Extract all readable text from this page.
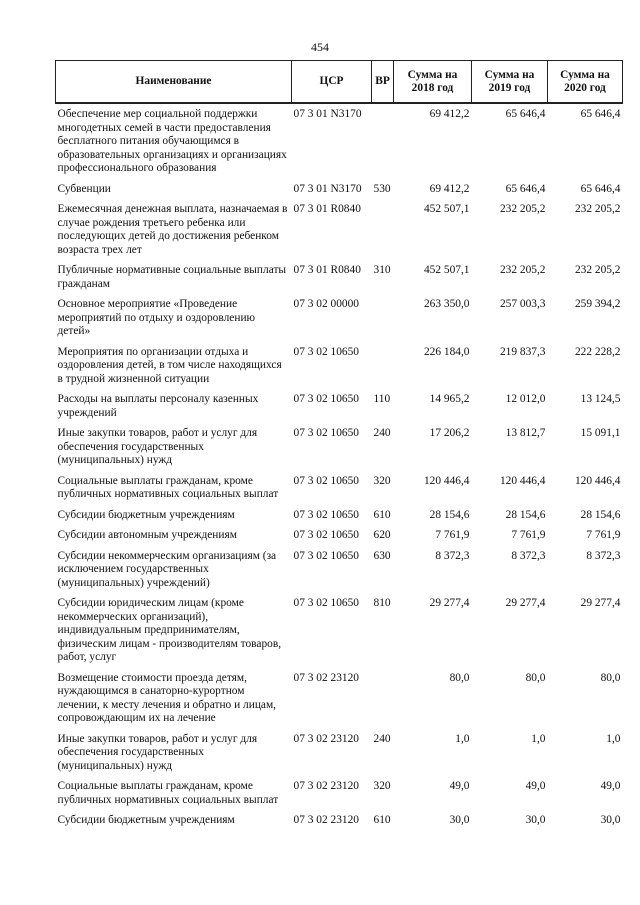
454
Наименование	ЦСР	ВР	Сумма на 2018 год	Сумма на 2019 год	Сумма на 2020 год
Обеспечение мер социальной поддержки многодетных семей в части предоставления бесплатного питания обучающимся в образовательных организациях и организациях профессионального образования	07 3 01 N3170		69 412,2	65 646,4	65 646,4
Субвенции	07 3 01 N3170	530	69 412,2	65 646,4	65 646,4
Ежемесячная денежная выплата, назначаемая в случае рождения третьего ребенка или последующих детей до достижения ребенком возраста трех лет	07 3 01 R0840		452 507,1	232 205,2	232 205,2
Публичные нормативные социальные выплаты гражданам	07 3 01 R0840	310	452 507,1	232 205,2	232 205,2
Основное мероприятие «Проведение мероприятий по отдыху и оздоровлению детей»	07 3 02 00000		263 350,0	257 003,3	259 394,2
Мероприятия по организации отдыха и оздоровления детей, в том числе находящихся в трудной жизненной ситуации	07 3 02 10650		226 184,0	219 837,3	222 228,2
Расходы на выплаты персоналу казенных учреждений	07 3 02 10650	110	14 965,2	12 012,0	13 124,5
Иные закупки товаров, работ и услуг для обеспечения государственных (муниципальных) нужд	07 3 02 10650	240	17 206,2	13 812,7	15 091,1
Социальные выплаты гражданам, кроме публичных нормативных социальных выплат	07 3 02 10650	320	120 446,4	120 446,4	120 446,4
Субсидии бюджетным учреждениям	07 3 02 10650	610	28 154,6	28 154,6	28 154,6
Субсидии автономным учреждениям	07 3 02 10650	620	7 761,9	7 761,9	7 761,9
Субсидии некоммерческим организациям (за исключением государственных (муниципальных) учреждений)	07 3 02 10650	630	8 372,3	8 372,3	8 372,3
Субсидии юридическим лицам (кроме некоммерческих организаций), индивидуальным предпринимателям, физическим лицам - производителям товаров, работ, услуг	07 3 02 10650	810	29 277,4	29 277,4	29 277,4
Возмещение стоимости проезда детям, нуждающимся в санаторно-курортном лечении, к месту лечения и обратно и лицам, сопровождающим их на лечение	07 3 02 23120		80,0	80,0	80,0
Иные закупки товаров, работ и услуг для обеспечения государственных (муниципальных) нужд	07 3 02 23120	240	1,0	1,0	1,0
Социальные выплаты гражданам, кроме публичных нормативных социальных выплат	07 3 02 23120	320	49,0	49,0	49,0
Субсидии бюджетным учреждениям	07 3 02 23120	610	30,0	30,0	30,0
